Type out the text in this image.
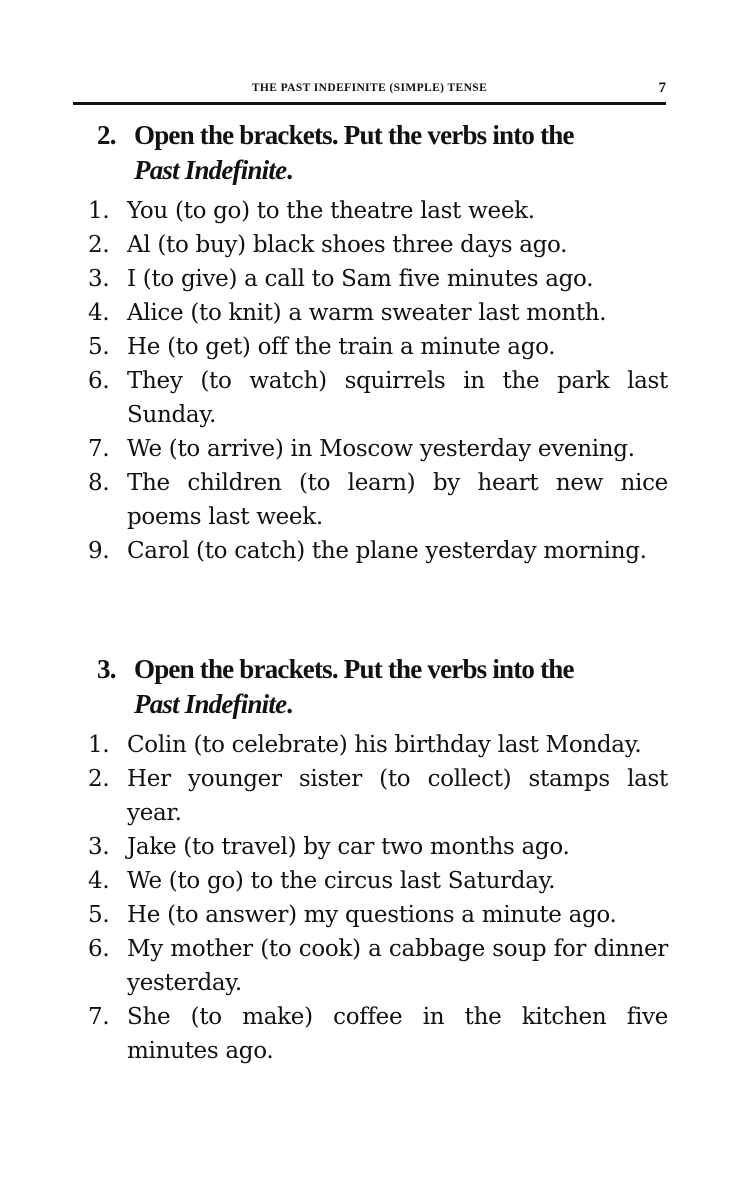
THE PAST INDEFINITE (SIMPLE) TENSE	7
2. Open the brackets. Put the verbs into the
Past Indefinite.
1. You (to go) to the theatre last week.
2. Al (to buy) black shoes three days ago.
3. I (to give) a call to Sam five minutes ago.
4. Alice (to knit) a warm sweater last month.
5. He (to get) off the train a minute ago.
6. They (to watch) squirrels in the park last Sunday.
7. We (to arrive) in Moscow yesterday evening.
8. The children (to learn) by heart new nice poems last week.
9. Carol (to catch) the plane yesterday morning.
3. Open the brackets. Put the verbs into the
Past Indefinite.
1. Colin (to celebrate) his birthday last Monday.
2. Her younger sister (to collect) stamps last year.
3. Jake (to travel) by car two months ago.
4. We (to go) to the circus last Saturday.
5. He (to answer) my questions a minute ago.
6. My mother (to cook) a cabbage soup for dinner yesterday.
7. She (to make) coffee in the kitchen five minutes ago.
